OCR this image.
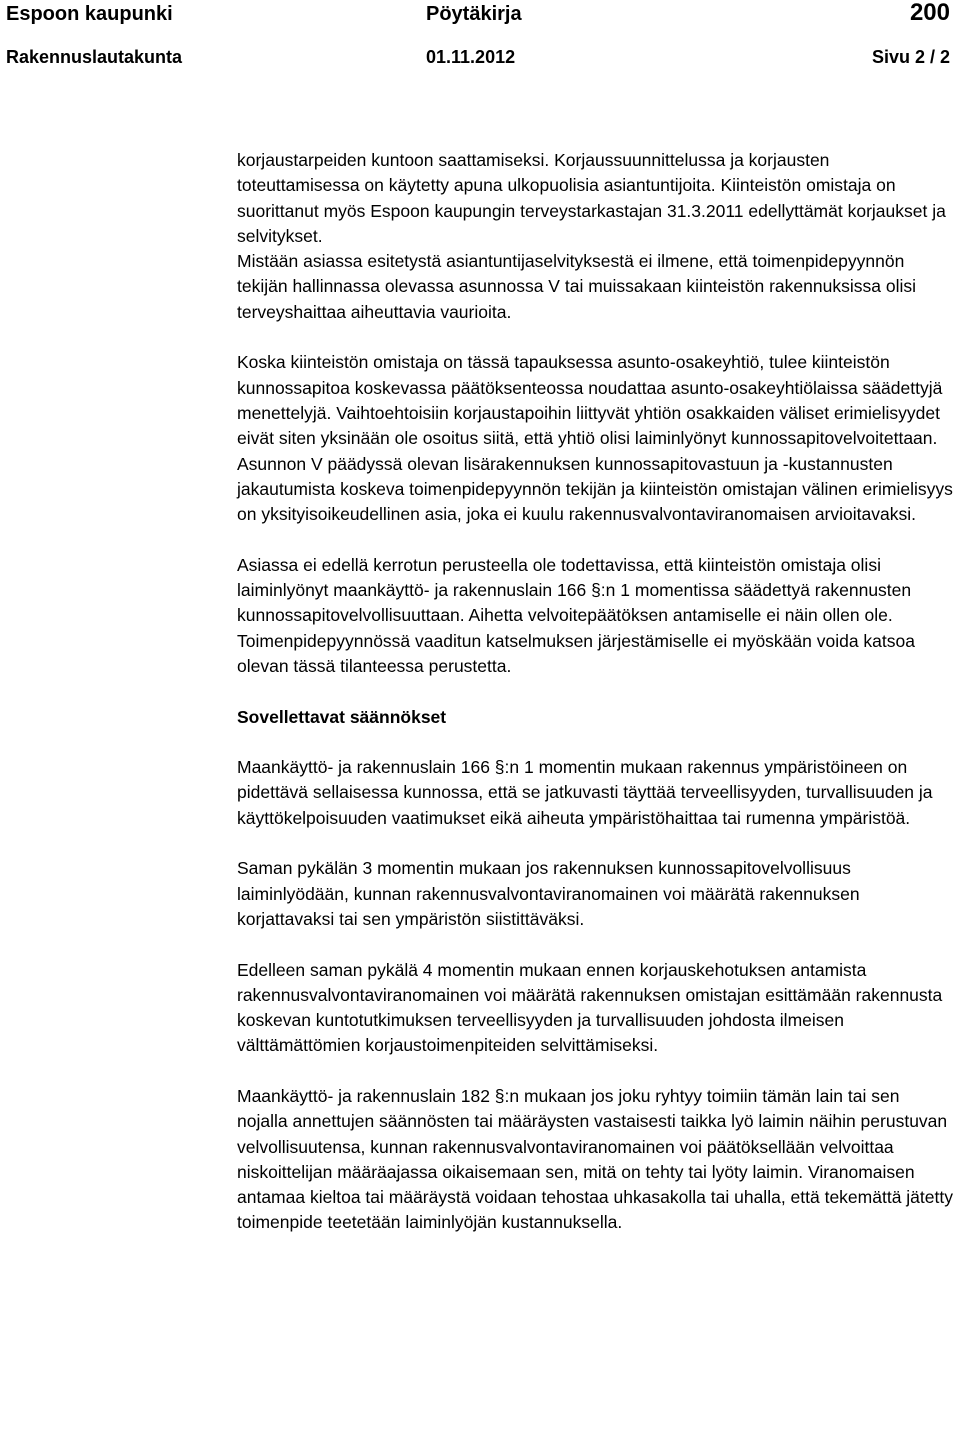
Espoon kaupunki	Pöytäkirja	200
Rakennuslautakunta	01.11.2012	Sivu 2 / 2

korjaustarpeiden kuntoon saattamiseksi. Korjaussuunnittelussa ja korjausten toteuttamisessa on käytetty apuna ulkopuolisia asiantuntijoita. Kiinteistön omistaja on suorittanut myös Espoon kaupungin terveystarkastajan 31.3.2011 edellyttämät korjaukset ja selvitykset.

Mistään asiassa esitetystä asiantuntijaselvityksestä ei ilmene, että toimenpidepyynnön tekijän hallinnassa olevassa asunnossa V tai muissakaan kiinteistön rakennuksissa olisi terveyshaittaa aiheuttavia vaurioita.

Koska kiinteistön omistaja on tässä tapauksessa asunto-osakeyhtiö, tulee kiinteistön kunnossapitoa koskevassa päätöksenteossa noudattaa asunto-osakeyhtiölaissa säädettyjä menettelyjä. Vaihtoehtoisiin korjaustapoihin liittyvät yhtiön osakkaiden väliset erimielisyydet eivät siten yksinään ole osoitus siitä, että yhtiö olisi laiminlyönyt kunnossapitovelvoitettaan. Asunnon V päädyssä olevan lisärakennuksen kunnossapitovastuun ja -kustannusten jakautumista koskeva toimenpidepyynnön tekijän ja kiinteistön omistajan välinen erimielisyys on yksityisoikeudellinen asia, joka ei kuulu rakennusvalvontaviranomaisen arvioitavaksi.

Asiassa ei edellä kerrotun perusteella ole todettavissa, että kiinteistön omistaja olisi laiminlyönyt maankäyttö- ja rakennuslain 166 §:n 1 momentissa säädettyä rakennusten kunnossapitovelvollisuuttaan. Aihetta velvoitepäätöksen antamiselle ei näin ollen ole. Toimenpidepyynnössä vaaditun katselmuksen järjestämiselle ei myöskään voida katsoa olevan tässä tilanteessa perustetta.

Sovellettavat säännökset

Maankäyttö- ja rakennuslain 166 §:n 1 momentin mukaan rakennus ympäristöineen on pidettävä sellaisessa kunnossa, että se jatkuvasti täyttää terveellisyyden, turvallisuuden ja käyttökelpoisuuden vaatimukset eikä aiheuta ympäristöhaittaa tai rumenna ympäristöä.

Saman pykälän 3 momentin mukaan jos rakennuksen kunnossapitovelvollisuus laiminlyödään, kunnan rakennusvalvontaviranomainen voi määrätä rakennuksen korjattavaksi tai sen ympäristön siistittäväksi.

Edelleen saman pykälä 4 momentin mukaan ennen korjauskehotuksen antamista rakennusvalvontaviranomainen voi määrätä rakennuksen omistajan esittämään rakennusta koskevan kuntotutkimuksen terveellisyyden ja turvallisuuden johdosta ilmeisen välttämättömien korjaustoimenpiteiden selvittämiseksi.

Maankäyttö- ja rakennuslain 182 §:n mukaan jos joku ryhtyy toimiin tämän lain tai sen nojalla annettujen säännösten tai määräysten vastaisesti taikka lyö laimin näihin perustuvan velvollisuutensa, kunnan rakennusvalvontaviranomainen voi päätöksellään velvoittaa niskoittelijan määräajassa oikaisemaan sen, mitä on tehty tai lyöty laimin. Viranomaisen antamaa kieltoa tai määräystä voidaan tehostaa uhkasakolla tai uhalla, että tekemättä jätetty toimenpide teetetään laiminlyöjän kustannuksella.
